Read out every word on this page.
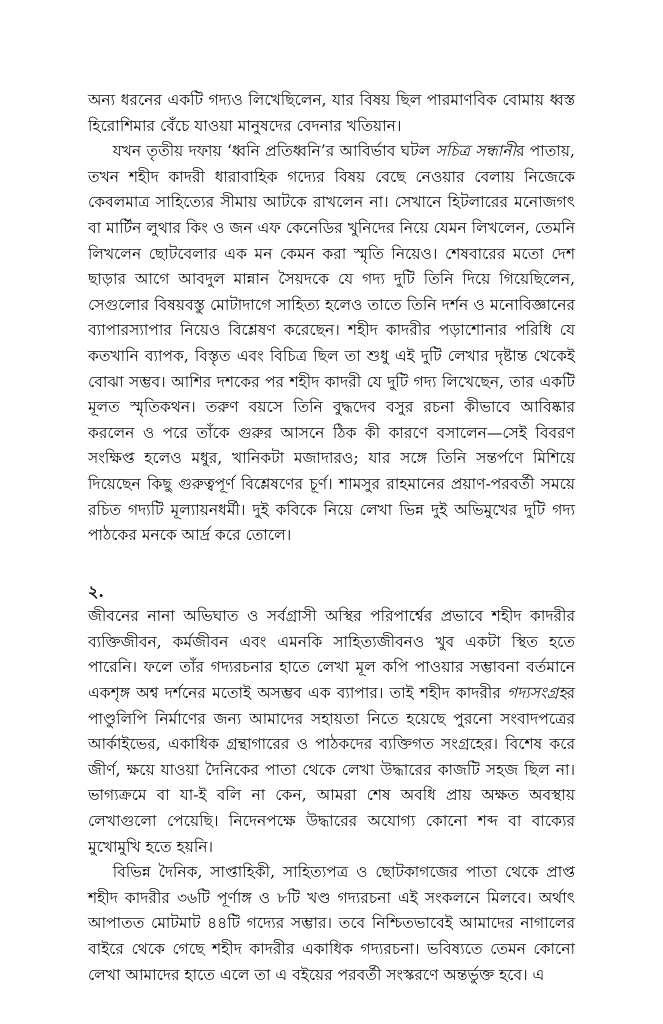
অন্য ধরনের একটি গদ্যও লিখেছিলেন, যার বিষয় ছিল পারমাণবিক বোমায় ধ্বস্ত হিরোশিমার বেঁচে যাওয়া মানুষদের বেদনার খতিয়ান।

যখন তৃতীয় দফায় ‘ধ্বনি প্রতিধ্বনি’র আবির্ভাব ঘটল সচিত্র সন্ধানীর পাতায়, তখন শহীদ কাদরী ধারাবাহিক গদ্যের বিষয় বেছে নেওয়ার বেলায় নিজেকে কেবলমাত্র সাহিত্যের সীমায় আটকে রাখলেন না। সেখানে হিটলারের মনোজগৎ বা মার্টিন লুথার কিং ও জন এফ কেনেডির খুনিদের নিয়ে যেমন লিখলেন, তেমনি লিখলেন ছোটবেলার এক মন কেমন করা স্মৃতি নিয়েও। শেষবারের মতো দেশ ছাড়ার আগে আবদুল মান্নান সৈয়দকে যে গদ্য দুটি তিনি দিয়ে গিয়েছিলেন, সেগুলোর বিষয়বস্তু মোটাদাগে সাহিত্য হলেও তাতে তিনি দর্শন ও মনোবিজ্ঞানের ব্যাপারস্যাপার নিয়েও বিশ্লেষণ করেছেন। শহীদ কাদরীর পড়াশোনার পরিধি যে কতখানি ব্যাপক, বিস্তৃত এবং বিচিত্র ছিল তা শুধু এই দুটি লেখার দৃষ্টান্ত থেকেই বোঝা সম্ভব। আশির দশকের পর শহীদ কাদরী যে দুটি গদ্য লিখেছেন, তার একটি মূলত স্মৃতিকথন। তরুণ বয়সে তিনি বুদ্ধদেব বসুর রচনা কীভাবে আবিষ্কার করলেন ও পরে তাঁকে গুরুর আসনে ঠিক কী কারণে বসালেন—সেই বিবরণ সংক্ষিপ্ত হলেও মধুর, খানিকটা মজাদারও; যার সঙ্গে তিনি সন্তর্পণে মিশিয়ে দিয়েছেন কিছু গুরুত্বপূর্ণ বিশ্লেষণের চূর্ণ। শামসুর রাহমানের প্রয়াণ-পরবর্তী সময়ে রচিত গদ্যটি মূল্যায়নধর্মী। দুই কবিকে নিয়ে লেখা ভিন্ন দুই অভিমুখের দুটি গদ্য পাঠকের মনকে আর্দ্র করে তোলে।

২.

জীবনের নানা অভিঘাত ও সর্বগ্রাসী অস্থির পরিপার্শ্বের প্রভাবে শহীদ কাদরীর ব্যক্তিজীবন, কর্মজীবন এবং এমনকি সাহিত্যজীবনও খুব একটা স্থিত হতে পারেনি। ফলে তাঁর গদ্যরচনার হাতে লেখা মূল কপি পাওয়ার সম্ভাবনা বর্তমানে একশৃঙ্গ অশ্ব দর্শনের মতোই অসম্ভব এক ব্যাপার। তাই শহীদ কাদরীর গদ্যসংগ্রহর পাণ্ডুলিপি নির্মাণের জন্য আমাদের সহায়তা নিতে হয়েছে পুরনো সংবাদপত্রের আর্কাইভের, একাধিক গ্রন্থাগারের ও পাঠকদের ব্যক্তিগত সংগ্রহের। বিশেষ করে জীর্ণ, ক্ষয়ে যাওয়া দৈনিকের পাতা থেকে লেখা উদ্ধারের কাজটি সহজ ছিল না। ভাগ্যক্রমে বা যা-ই বলি না কেন, আমরা শেষ অবধি প্রায় অক্ষত অবস্থায় লেখাগুলো পেয়েছি। নিদেনপক্ষে উদ্ধারের অযোগ্য কোনো শব্দ বা বাক্যের মুখোমুখি হতে হয়নি।

বিভিন্ন দৈনিক, সাপ্তাহিকী, সাহিত্যপত্র ও ছোটকাগজের পাতা থেকে প্রাপ্ত শহীদ কাদরীর ৩৬টি পূর্ণাঙ্গ ও ৮টি খণ্ড গদ্যরচনা এই সংকলনে মিলবে। অর্থাৎ আপাতত মোটমাট ৪৪টি গদ্যের সম্ভার। তবে নিশ্চিতভাবেই আমাদের নাগালের বাইরে থেকে গেছে শহীদ কাদরীর একাধিক গদ্যরচনা। ভবিষ্যতে তেমন কোনো লেখা আমাদের হাতে এলে তা এ বইয়ের পরবর্তী সংস্করণে অন্তর্ভুক্ত হবে। এ
